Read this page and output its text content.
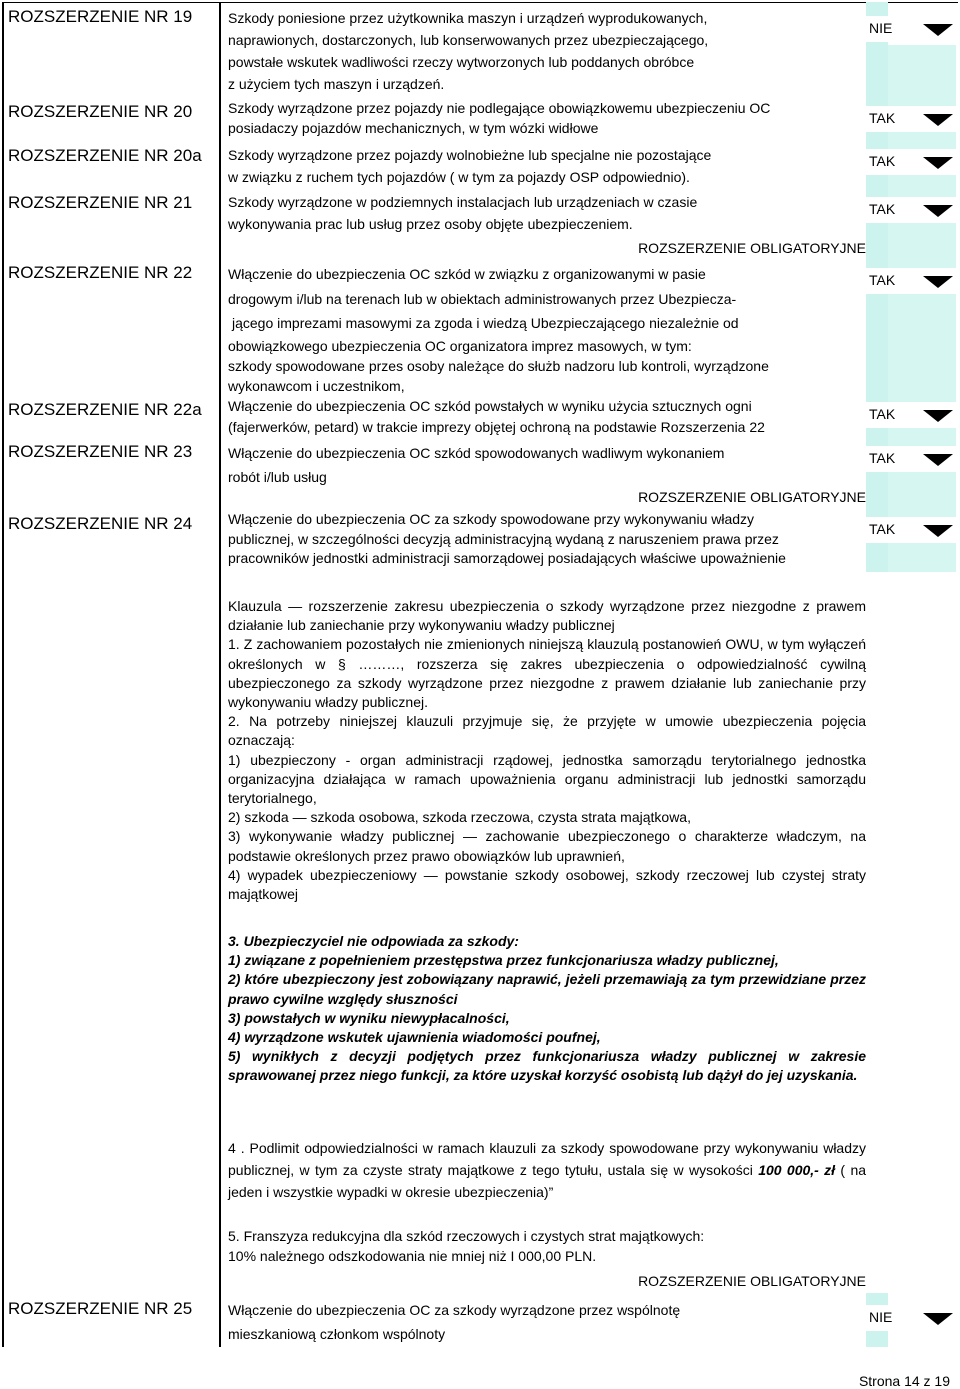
ROZSZERZENIE NR 19	Szkody poniesione przez użytkownika maszyn i urządzeń wyprodukowanych,
naprawionych, dostarczonych, lub konserwowanych przez ubezpieczającego,
powstałe wskutek wadliwości rzeczy wytworzonych lub poddanych obróbce
z użyciem tych maszyn i urządzeń.
NIE
ROZSZERZENIE NR 20	Szkody wyrządzone przez pojazdy nie podlegające obowiązkowemu ubezpieczeniu OC
posiadaczy pojazdów mechanicznych, w tym wózki widłowe
TAK
ROZSZERZENIE NR 20a Szkody wyrządzone przez pojazdy wolnobieżne lub specjalne nie pozostające
w związku z ruchem tych pojazdów ( w tym za pojazdy OSP odpowiednio).
TAK
ROZSZERZENIE NR 21	Szkody wyrządzone w podziemnych instalacjach lub urządzeniach w czasie
wykonywania prac lub usług przez osoby objęte ubezpieczeniem.
TAK
ROZSZERZENIE OBLIGATORYJNE
ROZSZERZENIE NR 22	Włączenie do ubezpieczenia OC szkód w związku z organizowanymi w pasie
drogowym i/lub na terenach lub w obiektach administrowanych przez Ubezpiecza-
jącego imprezami masowymi za zgoda i wiedzą Ubezpieczającego niezależnie od
obowiązkowego ubezpieczenia OC organizatora imprez masowych, w tym:
szkody spowodowane przes osoby należące do służb nadzoru lub kontroli, wyrządzone
wykonawcom i uczestnikom,
TAK
ROZSZERZENIE NR 22a Włączenie do ubezpieczenia OC szkód powstałych w wyniku użycia sztucznych ogni
(fajerwerków, petard) w trakcie imprezy objętej ochroną na podstawie Rozszerzenia 22
TAK
ROZSZERZENIE NR 23	Włączenie do ubezpieczenia OC szkód spowodowanych wadliwym wykonaniem
robót i/lub usług
TAK
ROZSZERZENIE OBLIGATORYJNE
ROZSZERZENIE NR 24	Włączenie do ubezpieczenia OC za szkody spowodowane przy wykonywaniu władzy
publicznej, w szczególności decyzją administracyjną wydaną z naruszeniem prawa przez
pracowników jednostki administracji samorządowej posiadających właściwe upoważnienie
TAK

Klauzula — rozszerzenie zakresu ubezpieczenia o szkody wyrządzone przez niezgodne z prawem działanie lub zaniechanie przy wykonywaniu władzy publicznej

1. Z zachowaniem pozostałych nie zmienionych niniejszą klauzulą postanowień OWU, w tym wyłączeń określonych w § ………, rozszerza się zakres ubezpieczenia o odpowiedzialność cywilną ubezpieczonego za szkody wyrządzone przez niezgodne z prawem działanie lub zaniechanie przy wykonywaniu władzy publicznej.

2. Na potrzeby niniejszej klauzuli przyjmuje się, że przyjęte w umowie ubezpieczenia pojęcia oznaczają:

1) ubezpieczony - organ administracji rządowej, jednostka samorządu terytorialnego jednostka organizacyjna działająca w ramach upoważnienia organu administracji lub jednostki samorządu terytorialnego,

2) szkoda — szkoda osobowa, szkoda rzeczowa, czysta strata majątkowa,

3) wykonywanie władzy publicznej — zachowanie ubezpieczonego o charakterze władczym, na podstawie określonych przez prawo obowiązków lub uprawnień,

4) wypadek ubezpieczeniowy — powstanie szkody osobowej, szkody rzeczowej lub czystej straty majątkowej

3. Ubezpieczyciel nie odpowiada za szkody:

1) związane z popełnieniem przestępstwa przez funkcjonariusza władzy publicznej,

2) które ubezpieczony jest zobowiązany naprawić, jeżeli przemawiają za tym przewidziane przez prawo cywilne względy słuszności

3) powstałych w wyniku niewypłacalności,

4) wyrządzone wskutek ujawnienia wiadomości poufnej,

5) wynikłych z decyzji podjętych przez funkcjonariusza władzy publicznej w zakresie sprawowanej przez niego funkcji, za które uzyskał korzyść osobistą lub dążył do jej uzyskania.

4 . Podlimit odpowiedzialności w ramach klauzuli za szkody spowodowane przy wykonywaniu władzy publicznej, w tym za czyste straty majątkowe z tego tytułu, ustala się w wysokości 100 000,- zł ( na jeden i wszystkie wypadki w okresie ubezpieczenia)”

5. Franszyza redukcyjna dla szkód rzeczowych i czystych strat majątkowych:

10% należnego odszkodowania nie mniej niż I 000,00 PLN.

ROZSZERZENIE OBLIGATORYJNE
ROZSZERZENIE NR 25	Włączenie do ubezpieczenia OC za szkody wyrządzone przez wspólnotę
mieszkaniową członkom wspólnoty
NIE
Strona 14 z 19
